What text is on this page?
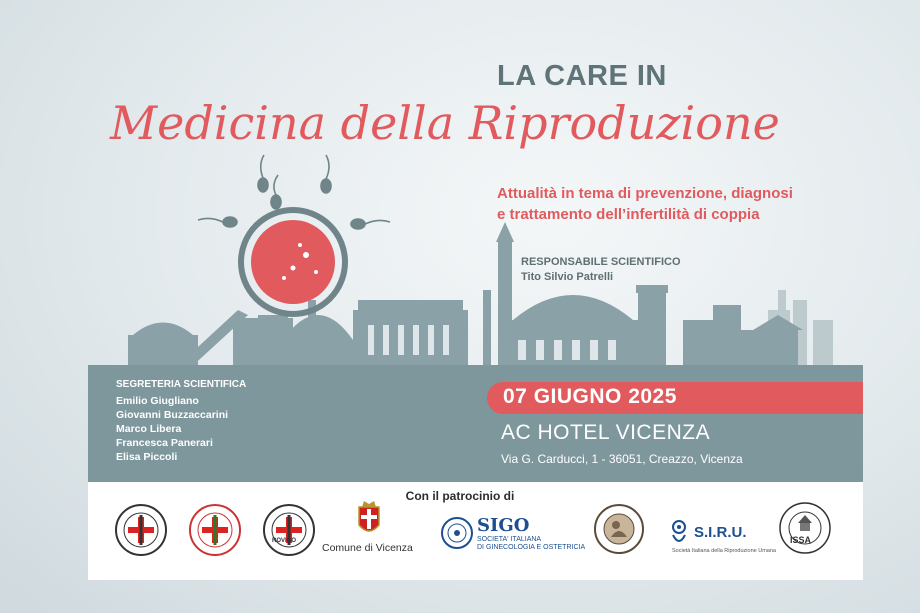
LA CARE IN
Medicina della Riproduzione
Attualità in tema di prevenzione, diagnosi
e trattamento dell’infertilità di coppia
RESPONSABILE SCIENTIFICO
Tito Silvio Patrelli
SEGRETERIA SCIENTIFICA
Emilio Giugliano
Giovanni Buzzaccarini
Marco Libera
Francesca Panerari
Elisa Piccoli
07 GIUGNO 2025
AC HOTEL VICENZA
Via G. Carducci, 1 - 36051, Creazzo, Vicenza
Con il patrocinio di
ROVIGO
Comune di Vicenza
SIGO
SOCIETA' ITALIANA
DI GINECOLOGIA E OSTETRICIA
S.I.R.U.
Società Italiana della Riproduzione Umana
ISSA
